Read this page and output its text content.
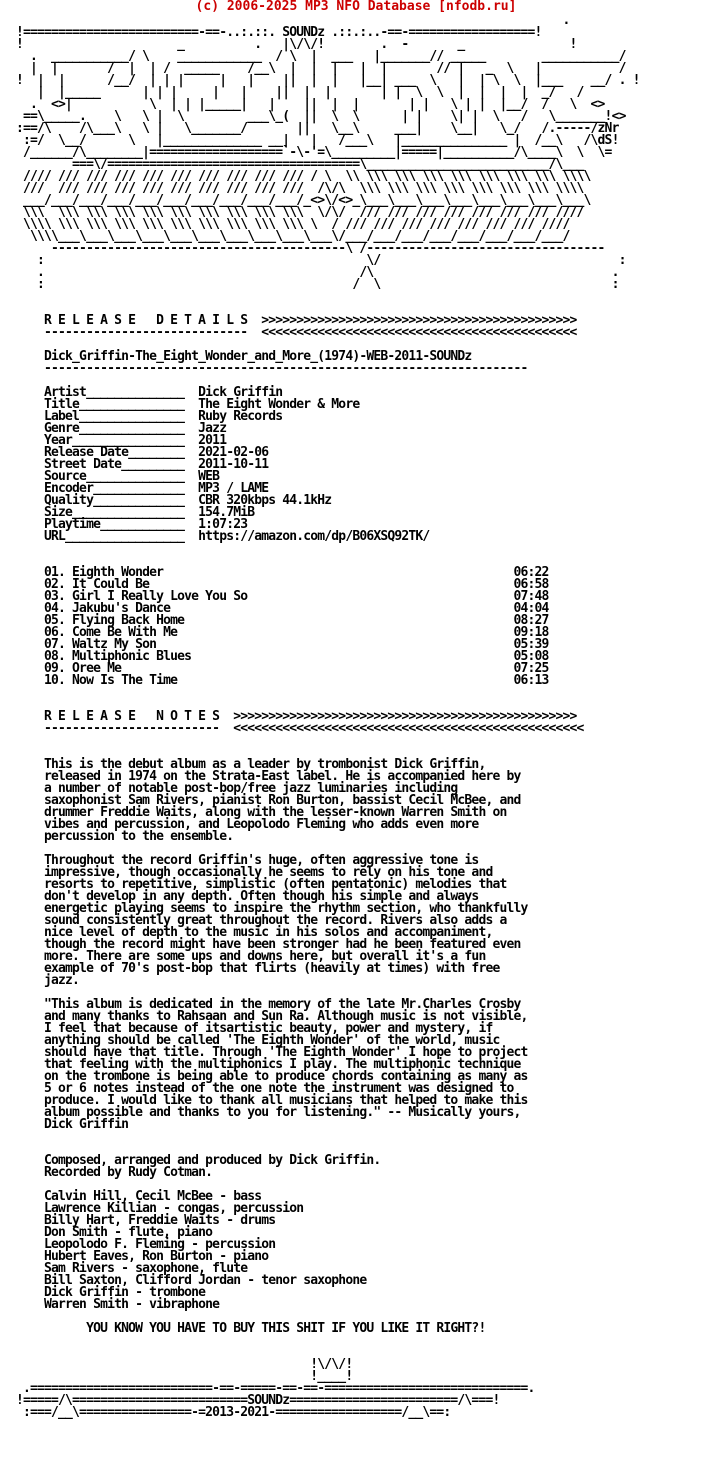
(c) 2006-2025 MP3 NFO Database [nfodb.ru]
.
!=========================-==-..:.::. SOUNDz .::.:..-==-==================!
!                      _          .   |\/\/!        .  -       _               !
.  ___________/ \    ____________  / \  |  ___   |_______// _____        ___________/
|  |       /  |  | /  _____    /__\  |  |  |   |  |       // |   _  \   |           /
!  |  |      /__/  | | |     |   |    ||  |  |   |__| ___  \   |  | \  \  |___    __/ . !
|  |_____      | | |     |   |    ||  |  |       | |  \  \  |  |  |  |  _/   /
.  <>|           \  | | |_____|   |    ||  |  |       | |   \ | |  |__/  /   \  <>
==\_____.    \   \ |  \         ___\_(  ||  \  \      | |    \| |  \   /   \_______!<>
:==/\    /\___\   \ |   \_______/       ||   \__\     ___|    \__|   \_/   /.-----/zNr
:=/  \__/      \   |______________ __|   |   /___\   |_______________ |  /__\   /\dS!
/______/\________|===================`-\-'=\_________|=====|__________/\____\  \  \=
===\/====================================\__________________________/\___
//// /// /// /// /// /// /// /// /// /// / \  \\ \\\ \\\ \\\ \\\ \\\ \\\ \\\ \\\\
///  /// /// /// /// /// /// /// /// ///  /\/\  \\\ \\\ \\\ \\\ \\\ \\\ \\\ \\\\
___/___/___/___/___/___/___/___/___/___/_<>\/<>_\___\___\___\___\___\___\___\___\
\\\  \\\ \\\ \\\ \\\ \\\ \\\ \\\ \\\ \\\  \/\/  /// /// /// /// /// /// /// ////
\\\\ \\\ \\\ \\\ \\\ \\\ \\\ \\\ \\\ \\\ \  / /// /// /// /// /// /// /// ////
\\\\___\___\___\___\___\___\___\___\___\___\/___/___/___/___/___/___/___/___/
------------------------------------------\ /----------------------------------
:                                              \/                                  :
.                                             /\                                  .
:                                            /  \                                 :

R E L E A S E   D E T A I L S  >>>>>>>>>>>>>>>>>>>>>>>>>>>>>>>>>>>>>>>>>>>>>
-----------------------------  <<<<<<<<<<<<<<<<<<<<<<<<<<<<<<<<<<<<<<<<<<<<<

Dick_Griffin-The_Eight_Wonder_and_More_(1974)-WEB-2011-SOUNDz
---------------------------------------------------------------------

Artist______________  Dick Griffin
Title_______________  The Eight Wonder & More
Label_______________  Ruby Records
Genre_______________  Jazz
Year________________  2011
Release Date________  2021-02-06
Street Date_________  2011-10-11
Source______________  WEB
Encoder_____________  MP3 / LAME
Quality_____________  CBR 320kbps 44.1kHz
Size________________  154.7MiB
Playtime____________  1:07:23
URL_________________  https://amazon.com/dp/B06XSQ92TK/

01. Eighth Wonder                                                  06:22
02. It Could Be                                                    06:58
03. Girl I Really Love You So                                      07:48
04. Jakubu's Dance                                                 04:04
05. Flying Back Home                                               08:27
06. Come Be With Me                                                09:18
07. Waltz My Son                                                   05:39
08. Multiphonic Blues                                              05:08
09. Oree Me                                                        07:25
10. Now Is The Time                                                06:13

R E L E A S E   N O T E S  >>>>>>>>>>>>>>>>>>>>>>>>>>>>>>>>>>>>>>>>>>>>>>>>>
-------------------------  <<<<<<<<<<<<<<<<<<<<<<<<<<<<<<<<<<<<<<<<<<<<<<<<<<

This is the debut album as a leader by trombonist Dick Griffin,
released in 1974 on the Strata-East label. He is accompanied here by
a number of notable post-bop/free jazz luminaries including
saxophonist Sam Rivers, pianist Ron Burton, bassist Cecil McBee, and
drummer Freddie Waits, along with the lesser-known Warren Smith on
vibes and percussion, and Leopolodo Fleming who adds even more
percussion to the ensemble.

Throughout the record Griffin's huge, often aggressive tone is
impressive, though occasionally he seems to rely on his tone and
resorts to repetitive, simplistic (often pentatonic) melodies that
don't develop in any depth. Often though his simple and always
energetic playing seems to inspire the rhythm section, who thankfully
sound consistently great throughout the record. Rivers also adds a
nice level of depth to the music in his solos and accompaniment,
though the record might have been stronger had he been featured even
more. There are some ups and downs here, but overall it's a fun
example of 70's post-bop that flirts (heavily at times) with free
jazz.

"This album is dedicated in the memory of the late Mr.Charles Crosby
and many thanks to Rahsaan and Sun Ra. Although music is not visible,
I feel that because of itsartistic beauty, power and mystery, if
anything should be called 'The Eighth Wonder' of the world, music
should have that title. Through 'The Eighth Wonder' I hope to project
that feeling with the multiphonics I play. The multiphonic technique
on the trombone is being able to produce chords containing as many as
5 or 6 notes instead of the one note the instrument was designed to
produce. I would like to thank all musicians that helped to make this
album possible and thanks to you for listening." -- Musically yours,
Dick Griffin

Composed, arranged and produced by Dick Griffin.
Recorded by Rudy Cotman.

Calvin Hill, Cecil McBee - bass
Lawrence Killian - congas, percussion
Billy Hart, Freddie Waits - drums
Don Smith - flute, piano
Leopolodo F. Fleming - percussion
Hubert Eaves, Ron Burton - piano
Sam Rivers - saxophone, flute
Bill Saxton, Clifford Jordan - tenor saxophone
Dick Griffin - trombone
Warren Smith - vibraphone

YOU KNOW YOU HAVE TO BUY THIS SHIT IF YOU LIKE IT RIGHT?!

!\/\/!
!____!
.==========================-==-=====-==-==-=============================.
!=====/\=========================SOUNDz========================/\===!
:===/__\================-=2013-2021-==================/__\==:
